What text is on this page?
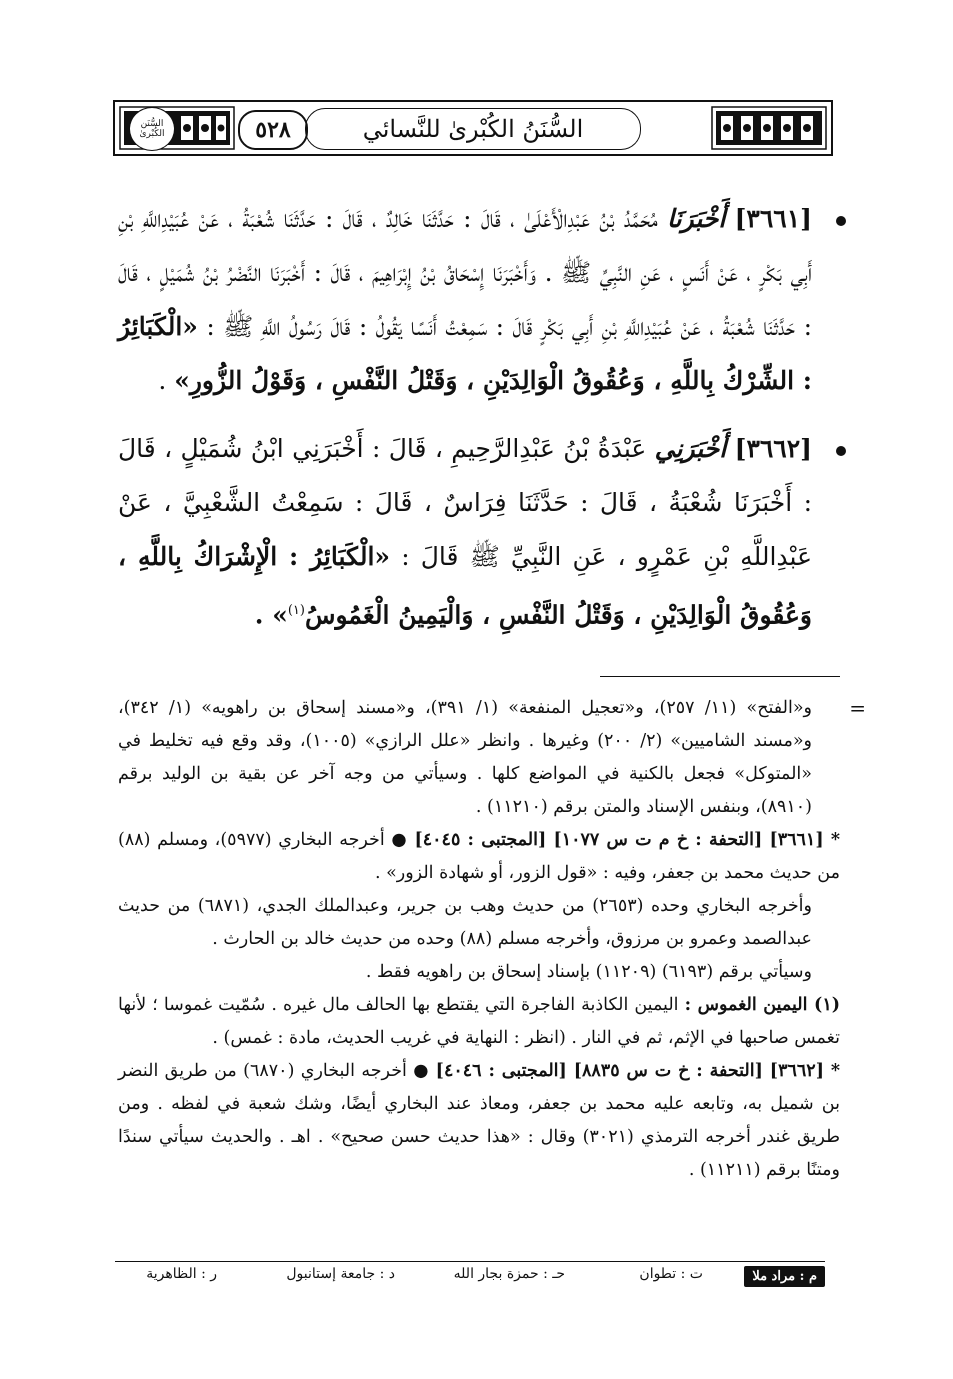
السُّنَن الكُبْرىٰ	٥٢٨	السُّنَنُ الكُبْرىٰ للنَّسائي
[٣٦٦١] أَخْبَرَنَا مُحَمَّدُ بْنُ عَبْدِالْأَعْلَىٰ ، قَالَ : حَدَّثَنَا خَالِدٌ ، قَالَ : حَدَّثَنَا شُعْبَةُ ، عَنْ عُبَيْدِاللَّهِ بْنِ أَبِي بَكْرٍ ، عَنْ أَنَسٍ ، عَنِ النَّبِيِّ ﷺ . وَأَخْبَرَنَا إِسْحَاقُ بْنُ إِبْرَاهِيمَ ، قَالَ : أَخْبَرَنَا النَّضْرُ بْنُ شُمَيْلٍ ، قَالَ : حَدَّثَنَا شُعْبَةُ ، عَنْ عُبَيْدِاللَّهِ بْنِ أَبِي بَكْرٍ قَالَ : سَمِعْتُ أَنَسًا يَقُولُ : قَالَ رَسُولُ اللَّهِ ﷺ : «الْكَبَائِرُ : الشِّرْكُ بِاللَّهِ ، وَعُقُوقُ الْوَالِدَيْنِ ، وَقَتْلُ النَّفْسِ ، وَقَوْلُ الزُّورِ» .
[٣٦٦٢] أَخْبَرَنِي عَبْدَةُ بْنُ عَبْدِالرَّحِيمِ ، قَالَ : أَخْبَرَنِي ابْنُ شُمَيْلٍ ، قَالَ : أَخْبَرَنَا شُعْبَةُ ، قَالَ : حَدَّثَنَا فِرَاسٌ ، قَالَ : سَمِعْتُ الشَّعْبِيَّ ، عَنْ عَبْدِاللَّهِ بْنِ عَمْرٍو ، عَنِ النَّبِيِّ ﷺ قَالَ : «الْكَبَائِرُ : الْإِشْرَاكُ بِاللَّهِ ، وَعُقُوقُ الْوَالِدَيْنِ ، وَقَتْلُ النَّفْسِ ، وَالْيَمِينُ الْغَمُوسُ$^{(١)}$» .
=

و«الفتح» (١١/ ٢٥٧)، و«تعجيل المنفعة» (١/ ٣٩١)، و«مسند إسحاق بن راهويه» (١/ ٣٤٢)، و«مسند الشاميين» (٢/ ٢٠٠) وغيرها . وانظر «علل الرازي» (١٠٠٥)، وقد وقع فيه تخليط في «المتوكل» فجعل بالكنية في المواضع كلها . وسيأتي من وجه آخر عن بقية بن الوليد برقم (٨٩١٠)، وبنفس الإسناد والمتن برقم (١١٢١٠) .

* [٣٦٦١] [التحفة : خ م ت س ١٠٧٧] [المجتبى : ٤٠٤٥] ● أخرجه البخاري (٥٩٧٧)، ومسلم (٨٨) من حديث محمد بن جعفر، وفيه : «قول الزور، أو شهادة الزور» .

وأخرجه البخاري وحده (٢٦٥٣) من حديث وهب بن جرير، وعبدالملك الجدي، (٦٨٧١) من حديث عبدالصمد وعمرو بن مرزوق، وأخرجه مسلم (٨٨) وحده من حديث خالد بن الحارث .

وسيأتي برقم (٦١٩٣) (١١٢٠٩) بإسناد إسحاق بن راهويه فقط .

(١) اليمين الغموس : اليمين الكاذبة الفاجرة التي يقتطع بها الحالف مال غيره . سُمّيت غموسا ؛ لأنها تغمس صاحبها في الإثم، ثم في النار . (انظر : النهاية في غريب الحديث، مادة : غمس) .

* [٣٦٦٢] [التحفة : خ ت س ٨٨٣٥] [المجتبى : ٤٠٤٦] ● أخرجه البخاري (٦٨٧٠) من طريق النضر بن شميل به، وتابعه عليه محمد بن جعفر، ومعاذ عند البخاري أيضًا، وشك شعبة في لفظه . ومن طريق غندر أخرجه الترمذي (٣٠٢١) وقال : «هذا حديث حسن صحيح» . اهـ . والحديث سيأتي سندًا ومتنًا برقم (١١٢١١) .

م : مراد ملا
ت : تطوان
حـ : حمزة بجار الله
د : جامعة إستانبول
ر : الظاهرية
